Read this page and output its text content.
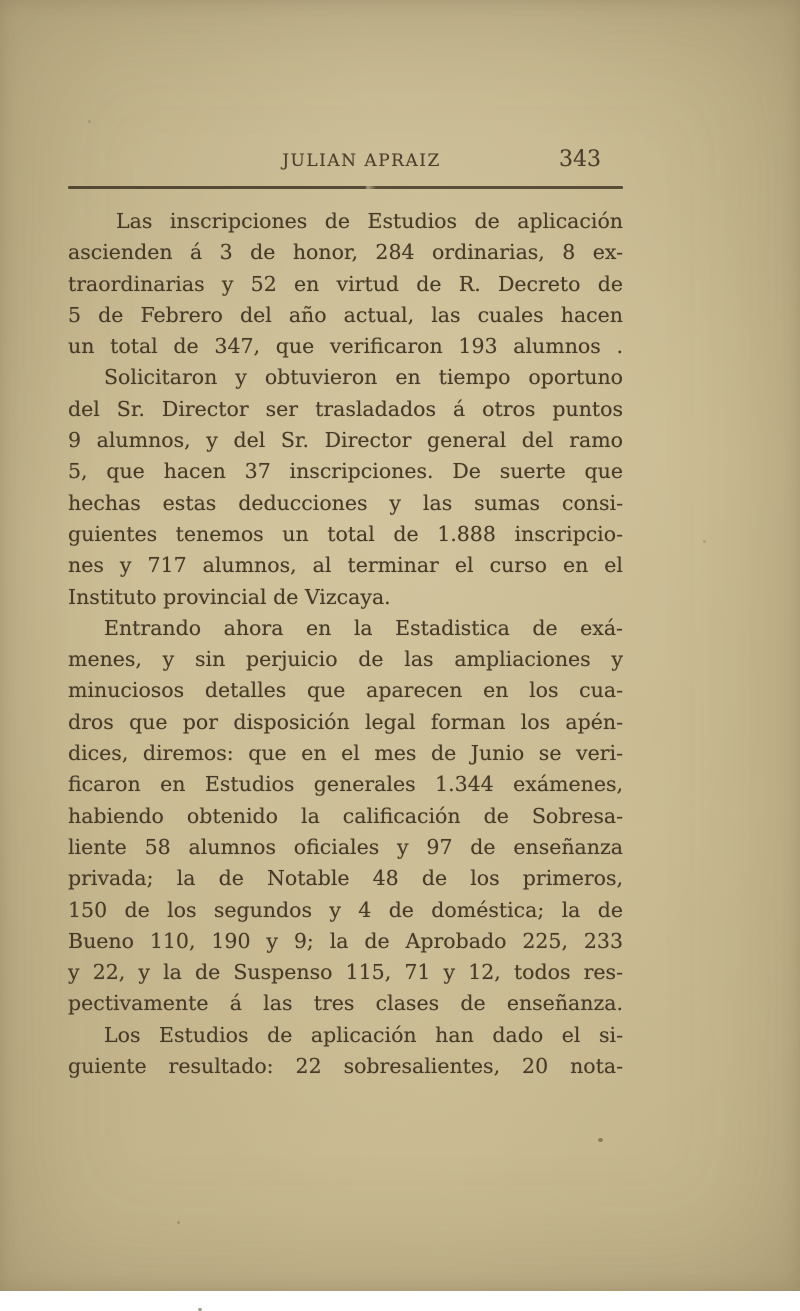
JULIAN APRAIZ	343
Las inscripciones de Estudios de aplicación
ascienden á 3 de honor, 284 ordinarias, 8 ex-
traordinarias y 52 en virtud de R. Decreto de
5 de Febrero del año actual, las cuales hacen
un total de 347, que verificaron 193 alumnos .
Solicitaron y obtuvieron en tiempo oportuno
del Sr. Director ser trasladados á otros puntos
9 alumnos, y del Sr. Director general del ramo
5, que hacen 37 inscripciones. De suerte que
hechas estas deducciones y las sumas consi-
guientes tenemos un total de 1.888 inscripcio-
nes y 717 alumnos, al terminar el curso en el
Instituto provincial de Vizcaya.
Entrando ahora en la Estadistica de exá-
menes, y sin perjuicio de las ampliaciones y
minuciosos detalles que aparecen en los cua-
dros que por disposición legal forman los apén-
dices, diremos: que en el mes de Junio se veri-
ficaron en Estudios generales 1.344 exámenes,
habiendo obtenido la calificación de Sobresa-
liente 58 alumnos oficiales y 97 de enseñanza
privada; la de Notable 48 de los primeros,
150 de los segundos y 4 de doméstica; la de
Bueno 110, 190 y 9; la de Aprobado 225, 233
y 22, y la de Suspenso 115, 71 y 12, todos res-
pectivamente á las tres clases de enseñanza.
Los Estudios de aplicación han dado el si-
guiente resultado: 22 sobresalientes, 20 nota-
